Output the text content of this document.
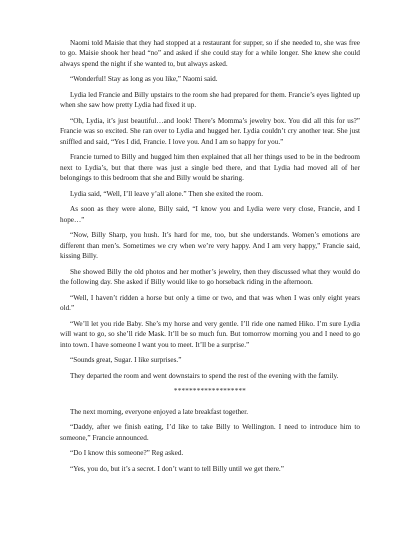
Naomi told Maisie that they had stopped at a restaurant for supper, so if she needed to, she was free to go. Maisie shook her head “no” and asked if she could stay for a while longer. She knew she could always spend the night if she wanted to, but always asked.

“Wonderful! Stay as long as you like,” Naomi said.

Lydia led Francie and Billy upstairs to the room she had prepared for them. Francie’s eyes lighted up when she saw how pretty Lydia had fixed it up.

“Oh, Lydia, it’s just beautiful…and look! There’s Momma’s jewelry box. You did all this for us?” Francie was so excited. She ran over to Lydia and hugged her. Lydia couldn’t cry another tear. She just sniffled and said, “Yes I did, Francie. I love you. And I am so happy for you.”

Francie turned to Billy and hugged him then explained that all her things used to be in the bedroom next to Lydia’s, but that there was just a single bed there, and that Lydia had moved all of her belongings to this bedroom that she and Billy would be sharing.

Lydia said, “Well, I’ll leave y’all alone.” Then she exited the room.

As soon as they were alone, Billy said, “I know you and Lydia were very close, Francie, and I hope…”

“Now, Billy Sharp, you hush. It’s hard for me, too, but she understands. Women’s emotions are different than men’s. Sometimes we cry when we’re very happy. And I am very happy,” Francie said, kissing Billy.

She showed Billy the old photos and her mother’s jewelry, then they discussed what they would do the following day. She asked if Billy would like to go horseback riding in the afternoon.

“Well, I haven’t ridden a horse but only a time or two, and that was when I was only eight years old.”

“We’ll let you ride Baby. She’s my horse and very gentle. I’ll ride one named Hiko. I’m sure Lydia will want to go, so she’ll ride Mask. It’ll be so much fun. But tomorrow morning you and I need to go into town. I have someone I want you to meet. It’ll be a surprise.”

“Sounds great, Sugar. I like surprises.”

They departed the room and went downstairs to spend the rest of the evening with the family.

*******************

The next morning, everyone enjoyed a late breakfast together.

“Daddy, after we finish eating, I’d like to take Billy to Wellington. I need to introduce him to someone,” Francie announced.

“Do I know this someone?” Reg asked.

“Yes, you do, but it’s a secret. I don’t want to tell Billy until we get there.”
